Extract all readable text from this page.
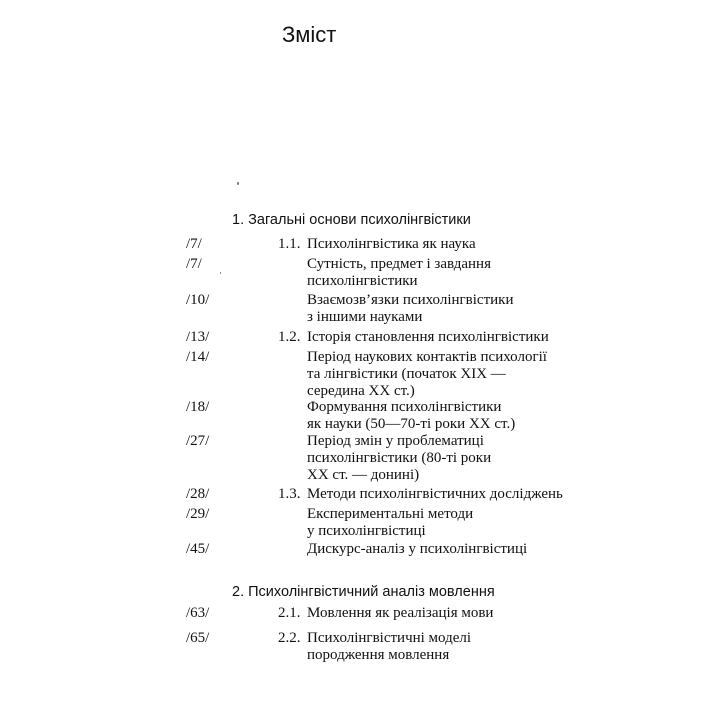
Зміст
1. Загальні основи психолінгвістики
/7/	1.1. Психолінгвістика як наука
/7/	Сутність, предмет і завдання
психолінгвістики
/10/	Взаємозв’язки психолінгвістики
з іншими науками
/13/	1.2. Історія становлення психолінгвістики
/14/	Період наукових контактів психології
та лінгвістики (початок XIX —
середина XX ст.)
/18/	Формування психолінгвістики
як науки (50—70-ті роки XX ст.)
/27/	Період змін у проблематиці
психолінгвістики (80-ті роки
XX ст. — донині)
/28/	1.3. Методи психолінгвістичних досліджень
/29/	Експериментальні методи
у психолінгвістиці
/45/	Дискурс-аналіз у психолінгвістиці
2. Психолінгвістичний аналіз мовлення
/63/	2.1. Мовлення як реалізація мови
/65/	2.2. Психолінгвістичні моделі
породження мовлення
